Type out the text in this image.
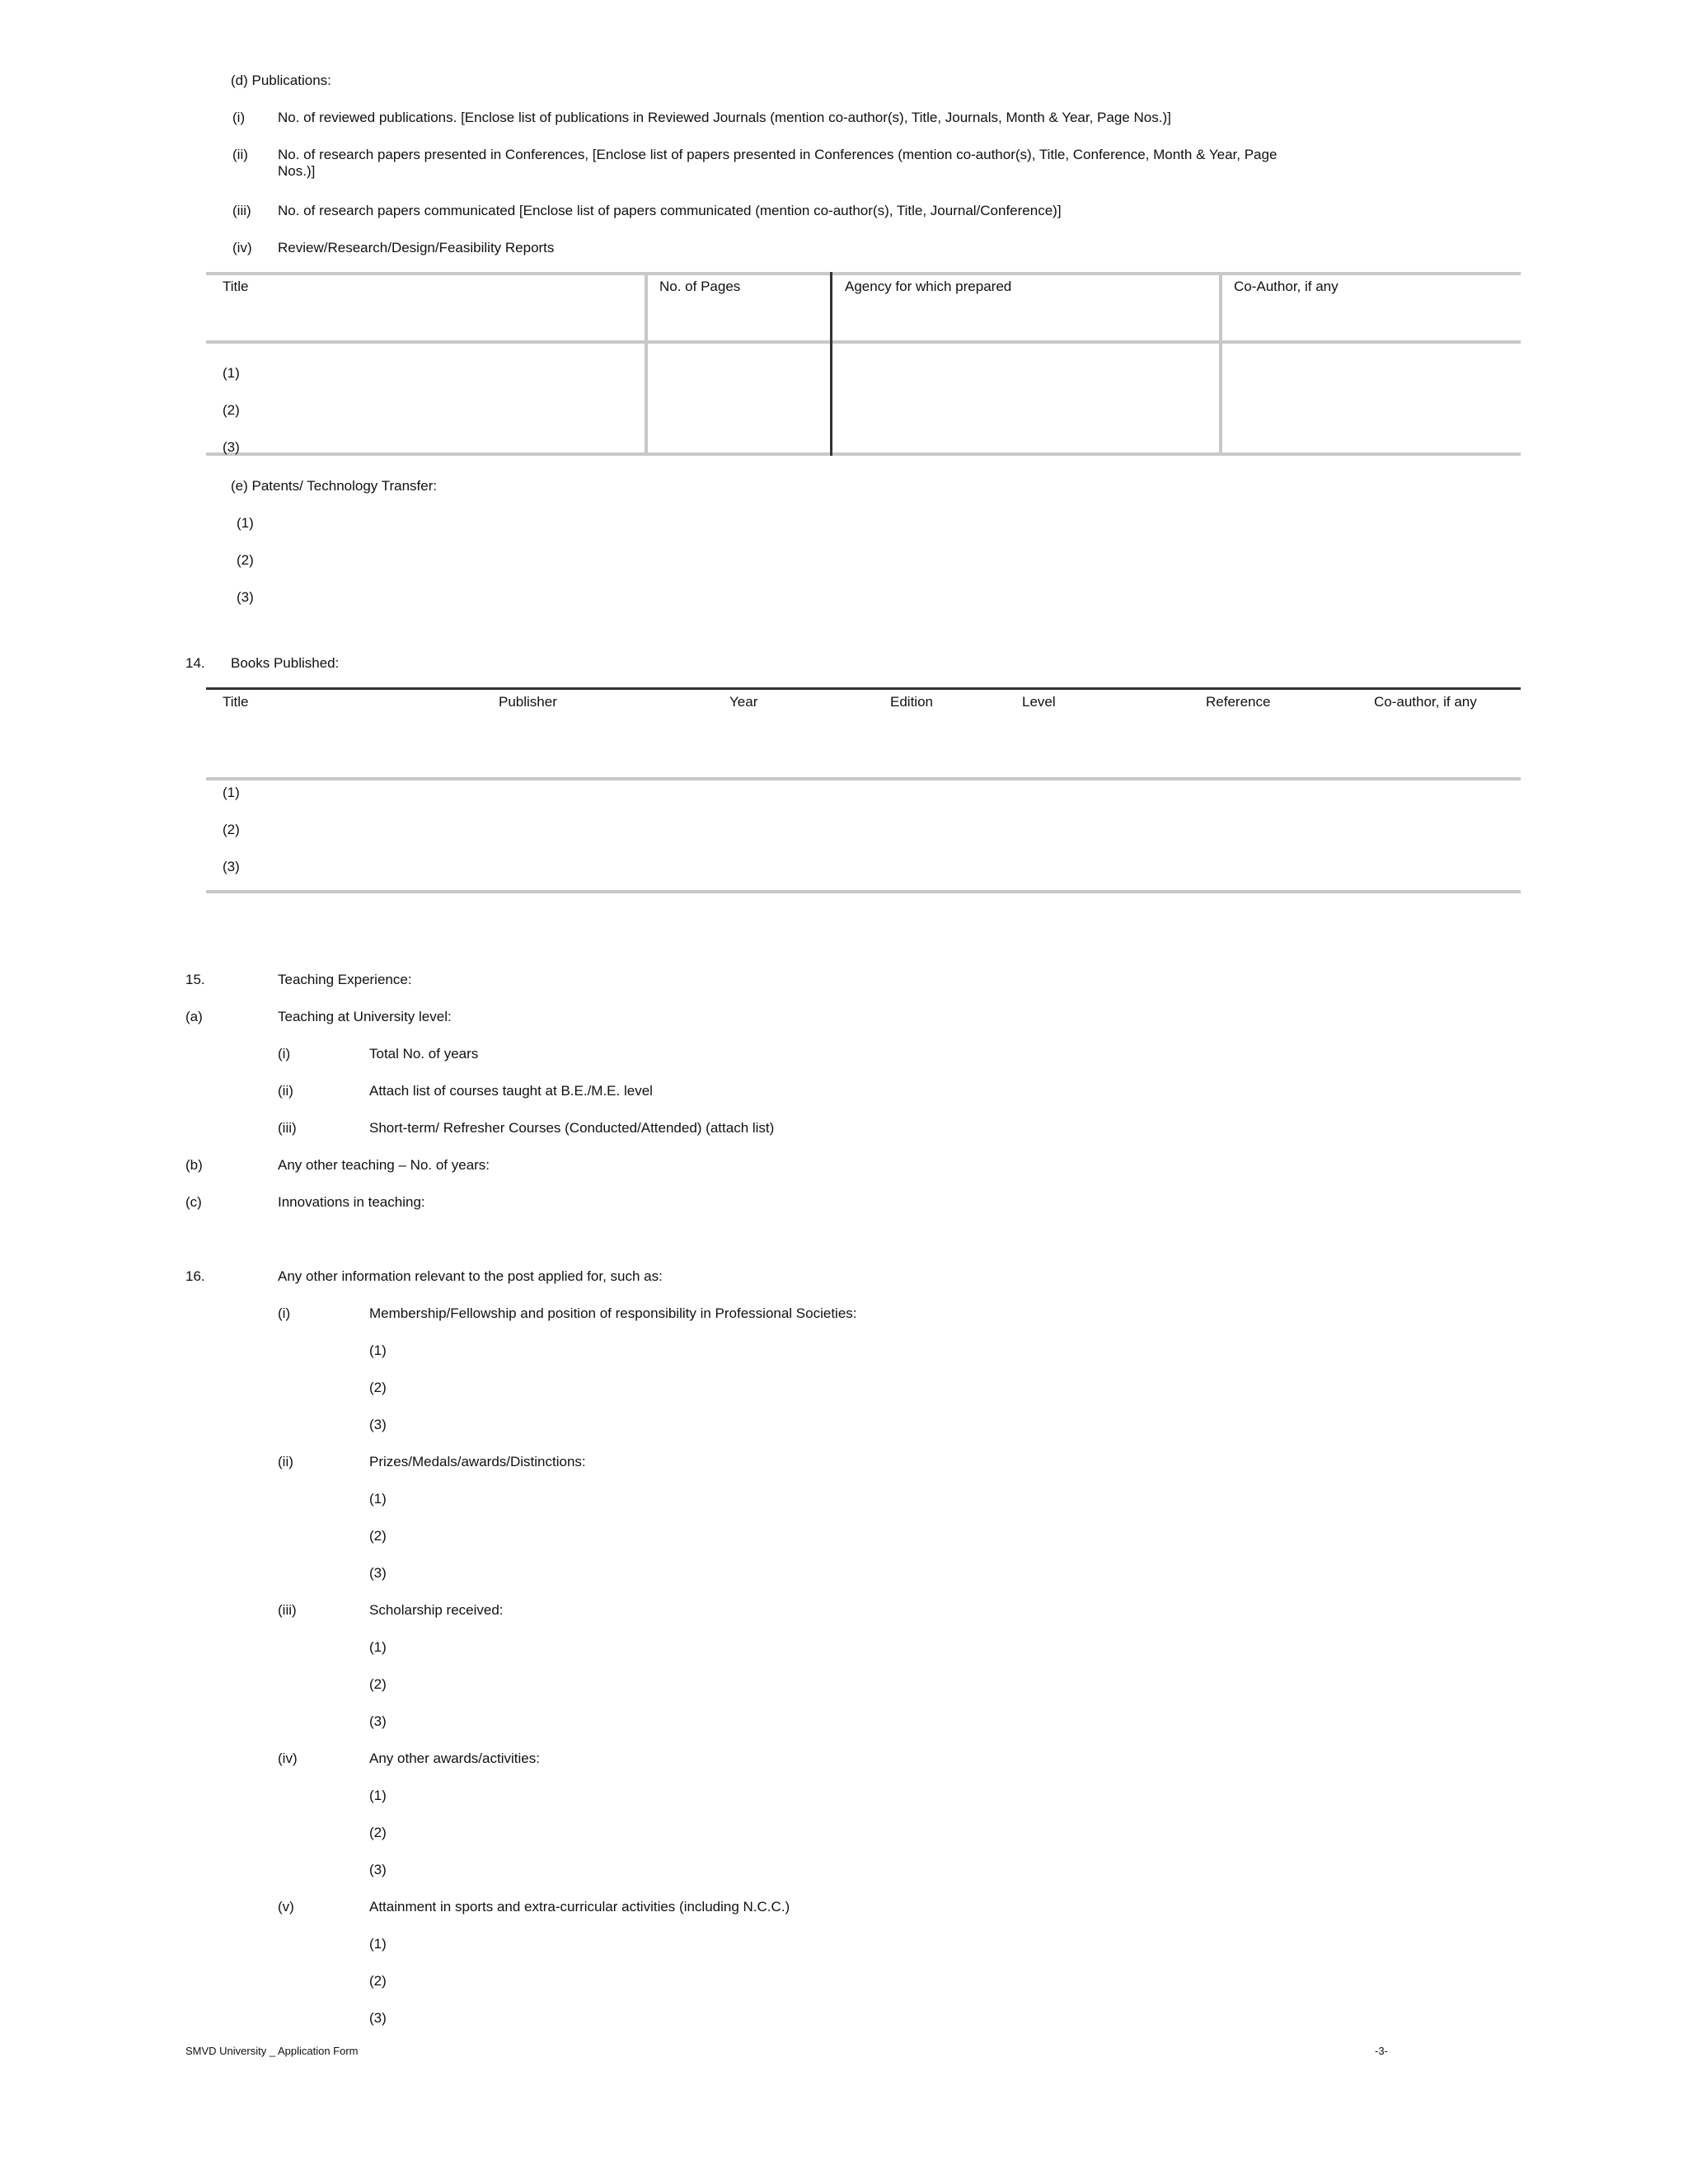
(d) Publications:
(i) No. of reviewed publications. [Enclose list of publications in Reviewed Journals (mention co-author(s), Title, Journals, Month & Year, Page Nos.)]
(ii) No. of research papers presented in Conferences, [Enclose list of papers presented in Conferences (mention co-author(s), Title, Conference, Month & Year, Page Nos.)]
(iii) No. of research papers communicated [Enclose list of papers communicated (mention co-author(s), Title, Journal/Conference)]
(iv) Review/Research/Design/Feasibility Reports
Title	No. of Pages	Agency for which prepared	Co-Author, if any
(1)
(2)
(3)
(e) Patents/ Technology Transfer:
(1)
(2)
(3)
14. Books Published:
Title	Publisher	Year	Edition	Level	Reference	Co-author, if any
(1)
(2)
(3)
15.	Teaching Experience:
(a)	Teaching at University level:
(i)	Total No. of years
(ii)	Attach list of courses taught at B.E./M.E. level
(iii)	Short-term/ Refresher Courses (Conducted/Attended) (attach list)
(b)	Any other teaching – No. of years:
(c)	Innovations in teaching:
16.	Any other information relevant to the post applied for, such as:
(i)	Membership/Fellowship and position of responsibility in Professional Societies:
(1)
(2)
(3)
(ii)	Prizes/Medals/awards/Distinctions:
(1)
(2)
(3)
(iii)	Scholarship received:
(1)
(2)
(3)
(iv)	Any other awards/activities:
(1)
(2)
(3)
(v)	Attainment in sports and extra-curricular activities (including N.C.C.)
(1)
(2)
(3)
SMVD University _ Application Form	-3-
